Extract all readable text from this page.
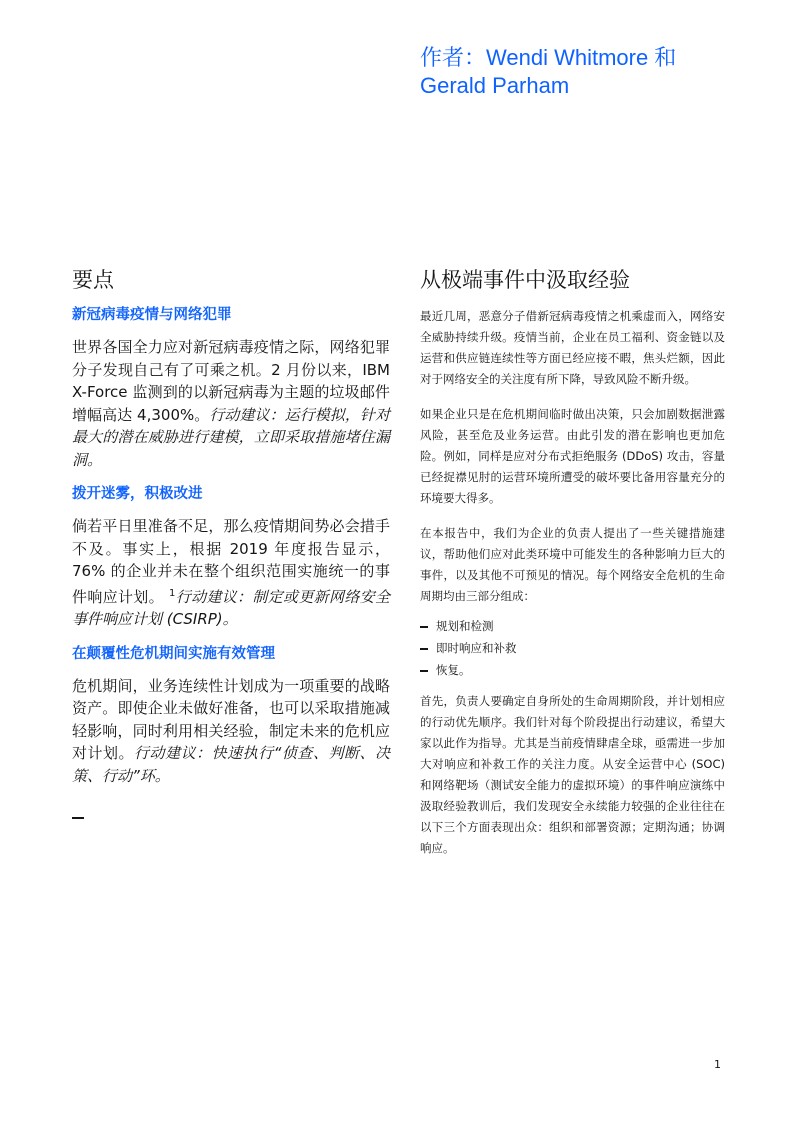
作者：Wendi Whitmore 和
Gerald Parham
要点
新冠病毒疫情与网络犯罪

世界各国全力应对新冠病毒疫情之际，网络犯罪分子发现自己有了可乘之机。2 月份以来，IBM X-Force 监测到的以新冠病毒为主题的垃圾邮件增幅高达 4,300%。行动建议：运行模拟，针对最大的潜在威胁进行建模，立即采取措施堵住漏洞。

拨开迷雾，积极改进

倘若平日里准备不足，那么疫情期间势必会措手不及。事实上，根据 2019 年度报告显示，76% 的企业并未在整个组织范围实施统一的事件响应计划。 $^1$行动建议：制定或更新网络安全事件响应计划 (CSIRP)。

在颠覆性危机期间实施有效管理

危机期间，业务连续性计划成为一项重要的战略资产。即使企业未做好准备，也可以采取措施减轻影响，同时利用相关经验，制定未来的危机应对计划。行动建议：快速执行“侦查、判断、决策、行动”环。

从极端事件中汲取经验

最近几周，恶意分子借新冠病毒疫情之机乘虚而入，网络安全威胁持续升级。疫情当前，企业在员工福利、资金链以及运营和供应链连续性等方面已经应接不暇，焦头烂额，因此对于网络安全的关注度有所下降，导致风险不断升级。

如果企业只是在危机期间临时做出决策，只会加剧数据泄露风险，甚至危及业务运营。由此引发的潜在影响也更加危险。例如，同样是应对分布式拒绝服务 (DDoS) 攻击，容量已经捉襟见肘的运营环境所遭受的破坏要比备用容量充分的环境要大得多。

在本报告中，我们为企业的负责人提出了一些关键措施建议，帮助他们应对此类环境中可能发生的各种影响力巨大的事件，以及其他不可预见的情况。每个网络安全危机的生命周期均由三部分组成：

规划和检测
即时响应和补救
恢复。

首先，负责人要确定自身所处的生命周期阶段，并计划相应的行动优先顺序。我们针对每个阶段提出行动建议，希望大家以此作为指导。尤其是当前疫情肆虐全球，亟需进一步加大对响应和补救工作的关注力度。从安全运营中心 (SOC) 和网络靶场（测试安全能力的虚拟环境）的事件响应演练中汲取经验教训后，我们发现安全永续能力较强的企业往往在以下三个方面表现出众：组织和部署资源；定期沟通；协调响应。

1
